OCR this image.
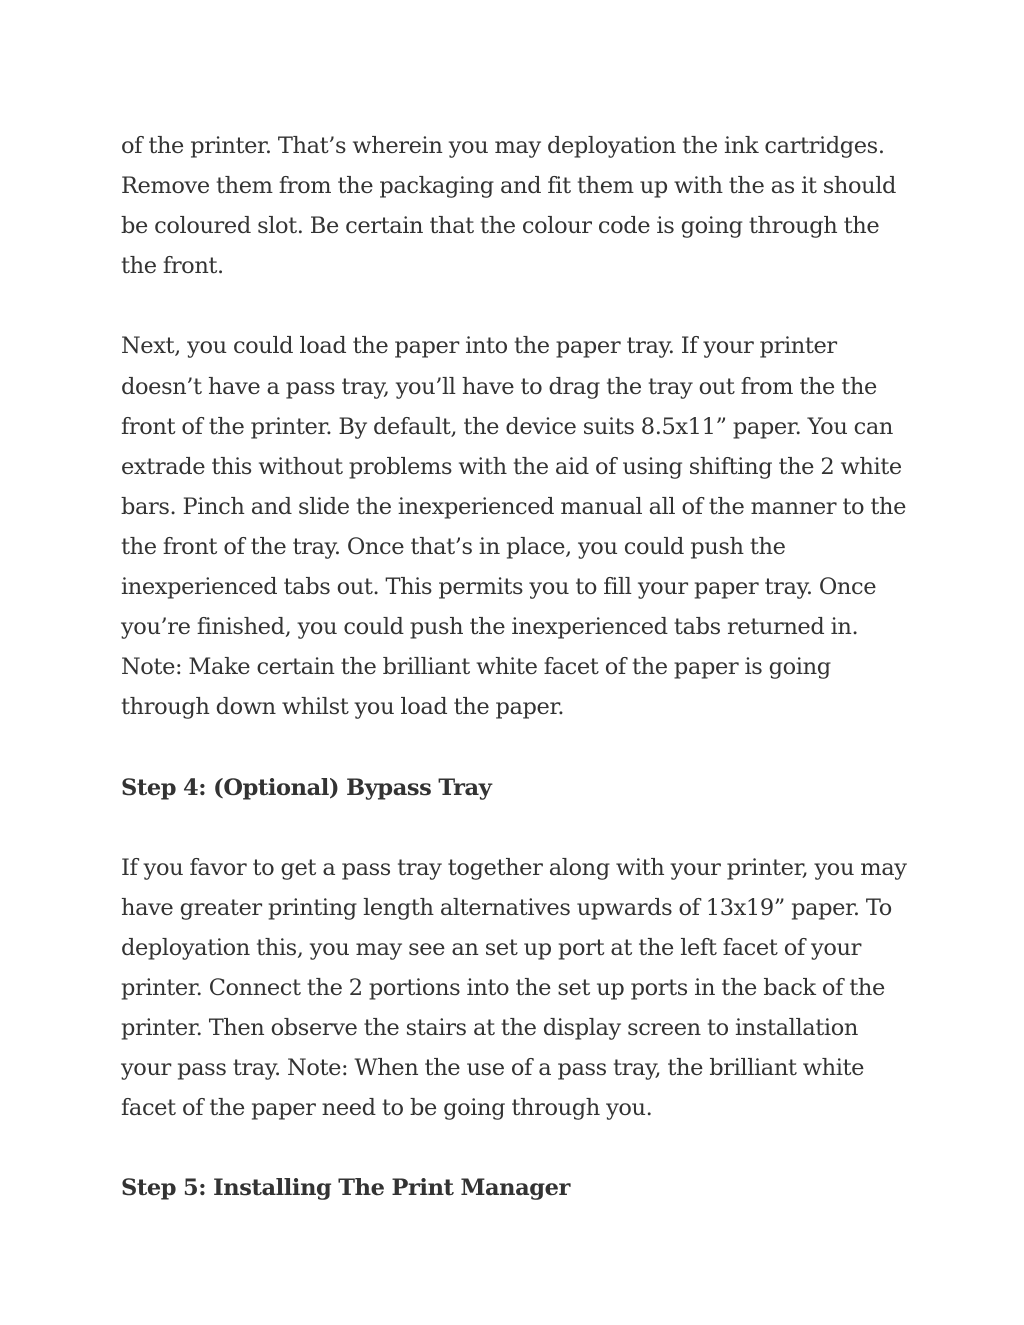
of the printer. That’s wherein you may deployation the ink cartridges.
Remove them from the packaging and fit them up with the as it should
be coloured slot. Be certain that the colour code is going through the
the front.

Next, you could load the paper into the paper tray. If your printer
doesn’t have a pass tray, you’ll have to drag the tray out from the the
front of the printer. By default, the device suits 8.5x11” paper. You can
extrade this without problems with the aid of using shifting the 2 white
bars. Pinch and slide the inexperienced manual all of the manner to the
the front of the tray. Once that’s in place, you could push the
inexperienced tabs out. This permits you to fill your paper tray. Once
you’re finished, you could push the inexperienced tabs returned in.
Note: Make certain the brilliant white facet of the paper is going
through down whilst you load the paper.

Step 4: (Optional) Bypass Tray

If you favor to get a pass tray together along with your printer, you may
have greater printing length alternatives upwards of 13x19” paper. To
deployation this, you may see an set up port at the left facet of your
printer. Connect the 2 portions into the set up ports in the back of the
printer. Then observe the stairs at the display screen to installation
your pass tray. Note: When the use of a pass tray, the brilliant white
facet of the paper need to be going through you.

Step 5: Installing The Print Manager
